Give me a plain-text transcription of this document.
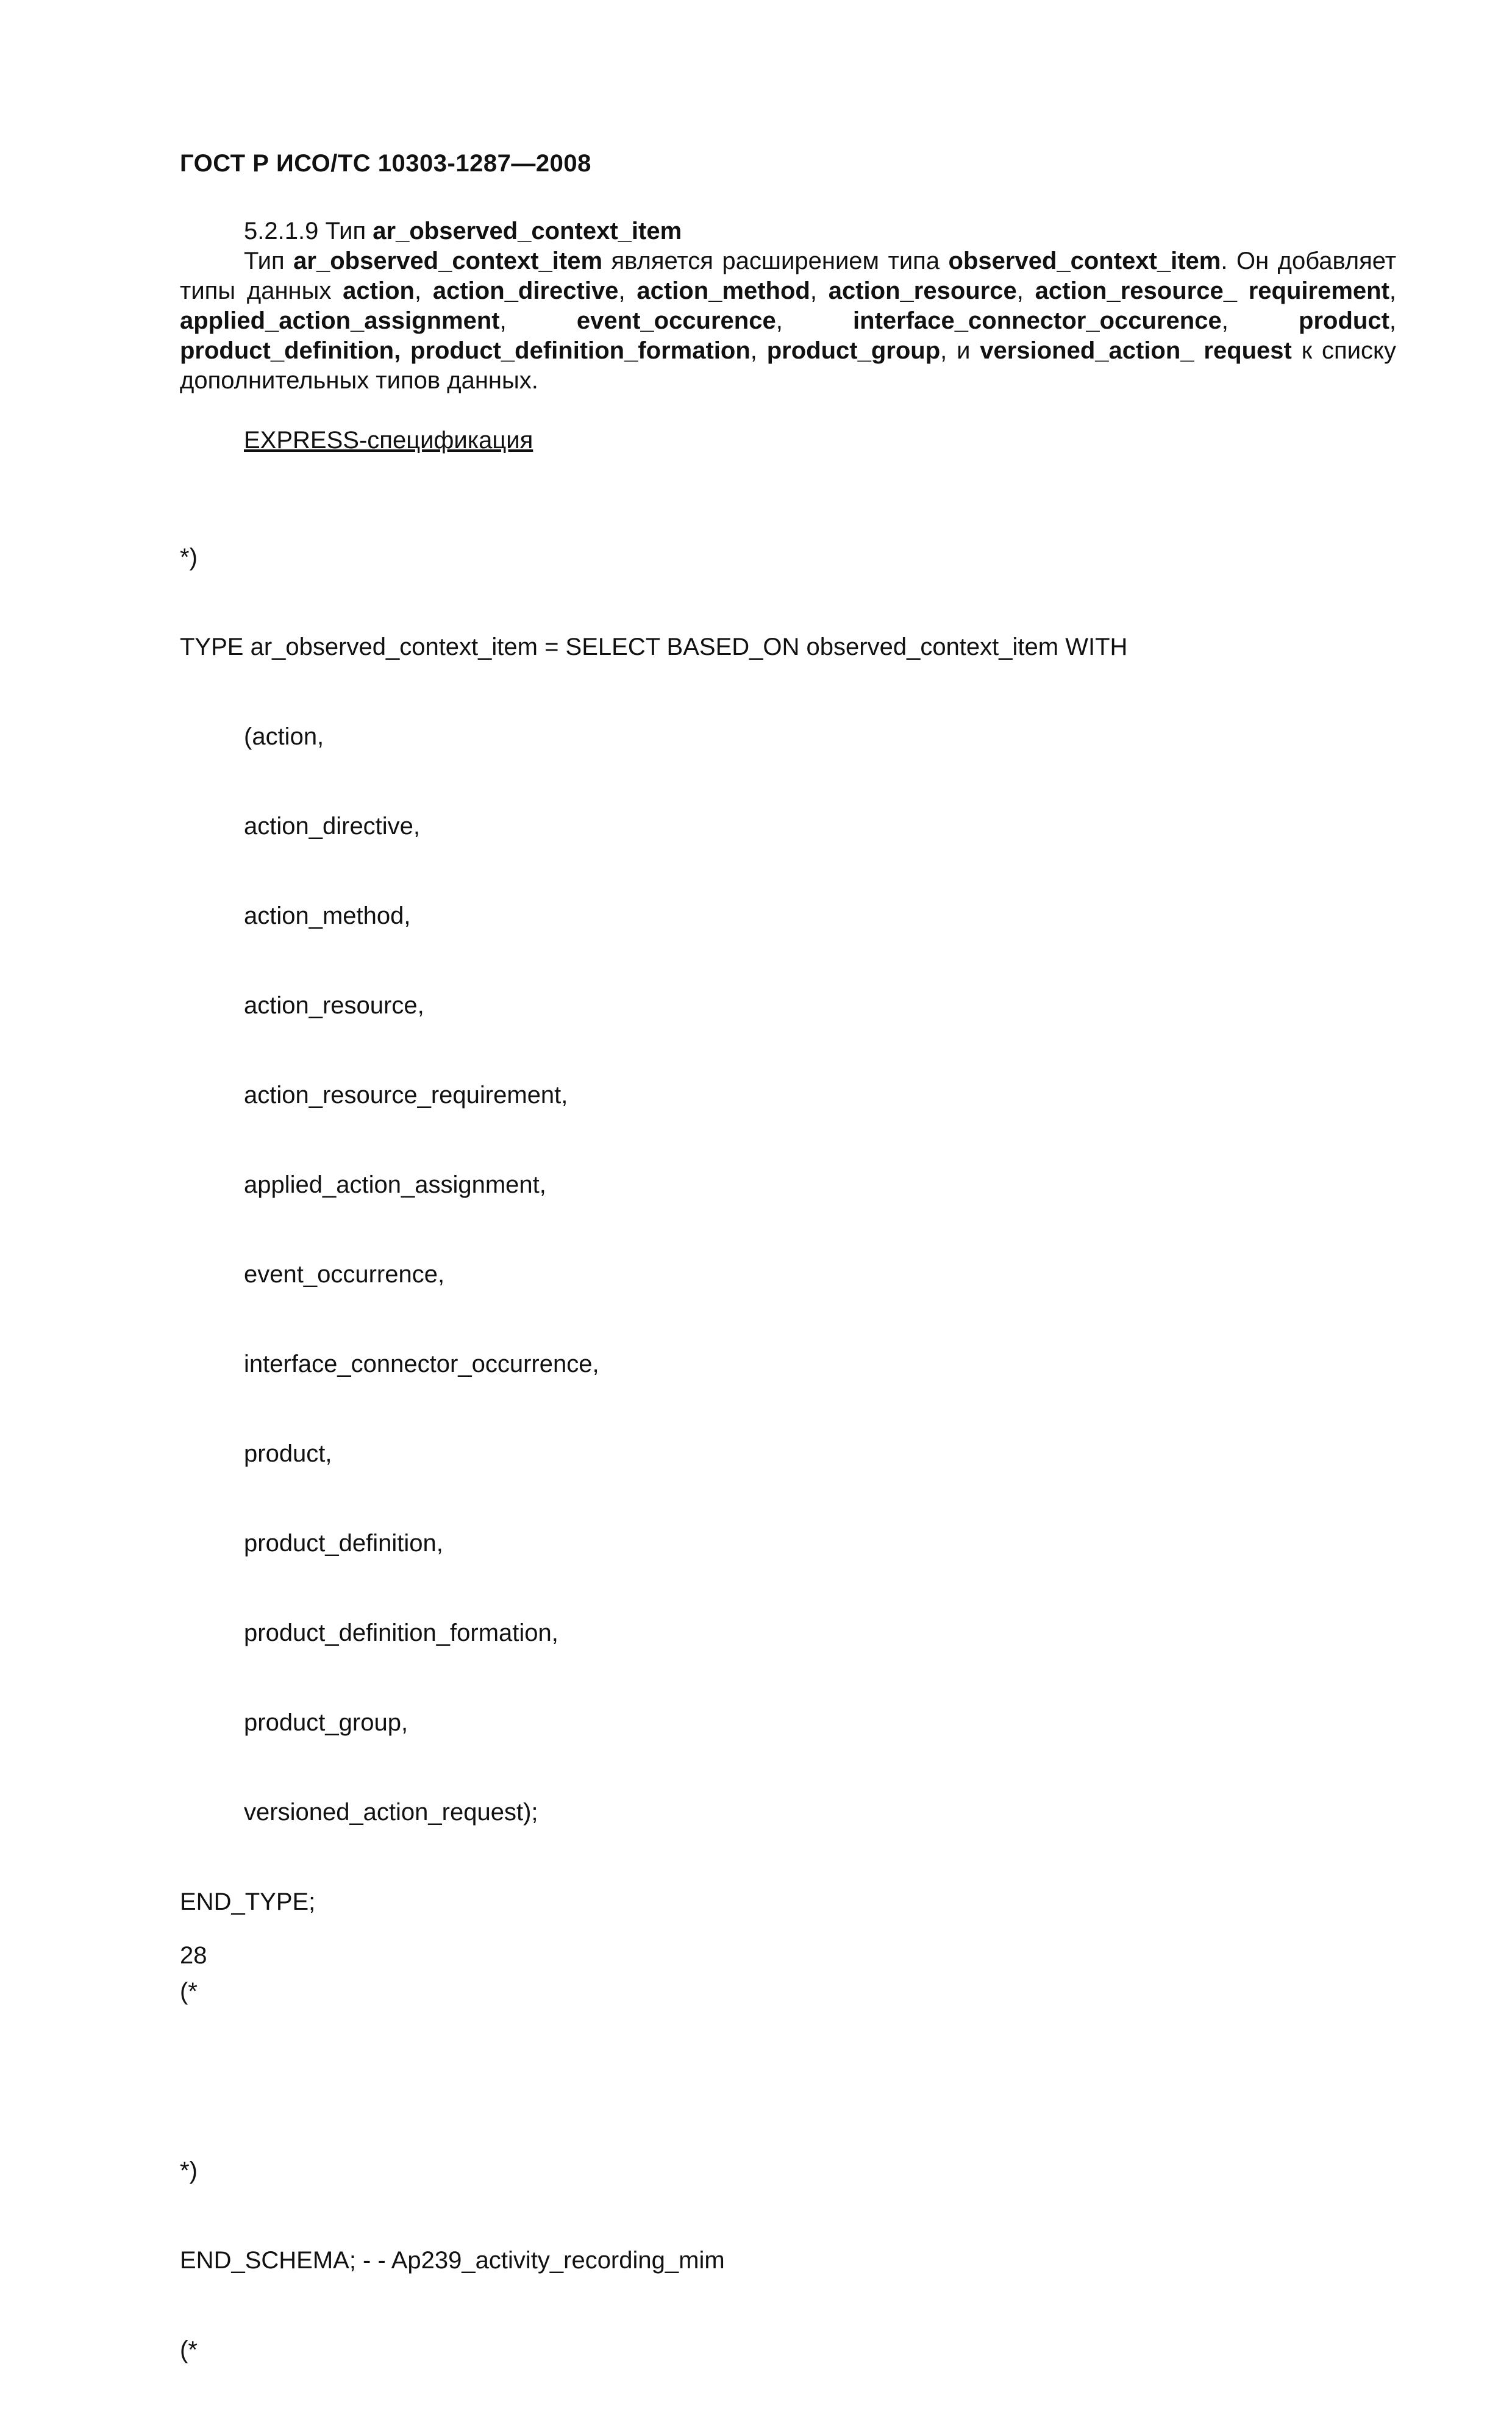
ГОСТ Р ИСО/ТС 10303-1287—2008
5.2.1.9 Тип ar_observed_context_item
Тип ar_observed_context_item является расширением типа observed_context_item. Он добавляет типы данных action, action_directive, action_method, action_resource, action_resource_ requirement, applied_action_assignment, event_occurence, interface_connector_occurence, product, product_definition, product_definition_formation, product_group, и versioned_action_ request к списку дополнительных типов данных.
EXPRESS-спецификация

*)

TYPE ar_observed_context_item = SELECT BASED_ON observed_context_item WITH

(action,

action_directive,

action_method,

action_resource,

action_resource_requirement,

applied_action_assignment,

event_occurrence,

interface_connector_occurrence,

product,

product_definition,

product_definition_formation,

product_group,

versioned_action_request);

END_TYPE;

(*

*)

END_SCHEMA; - - Ap239_activity_recording_mim

(*

28
